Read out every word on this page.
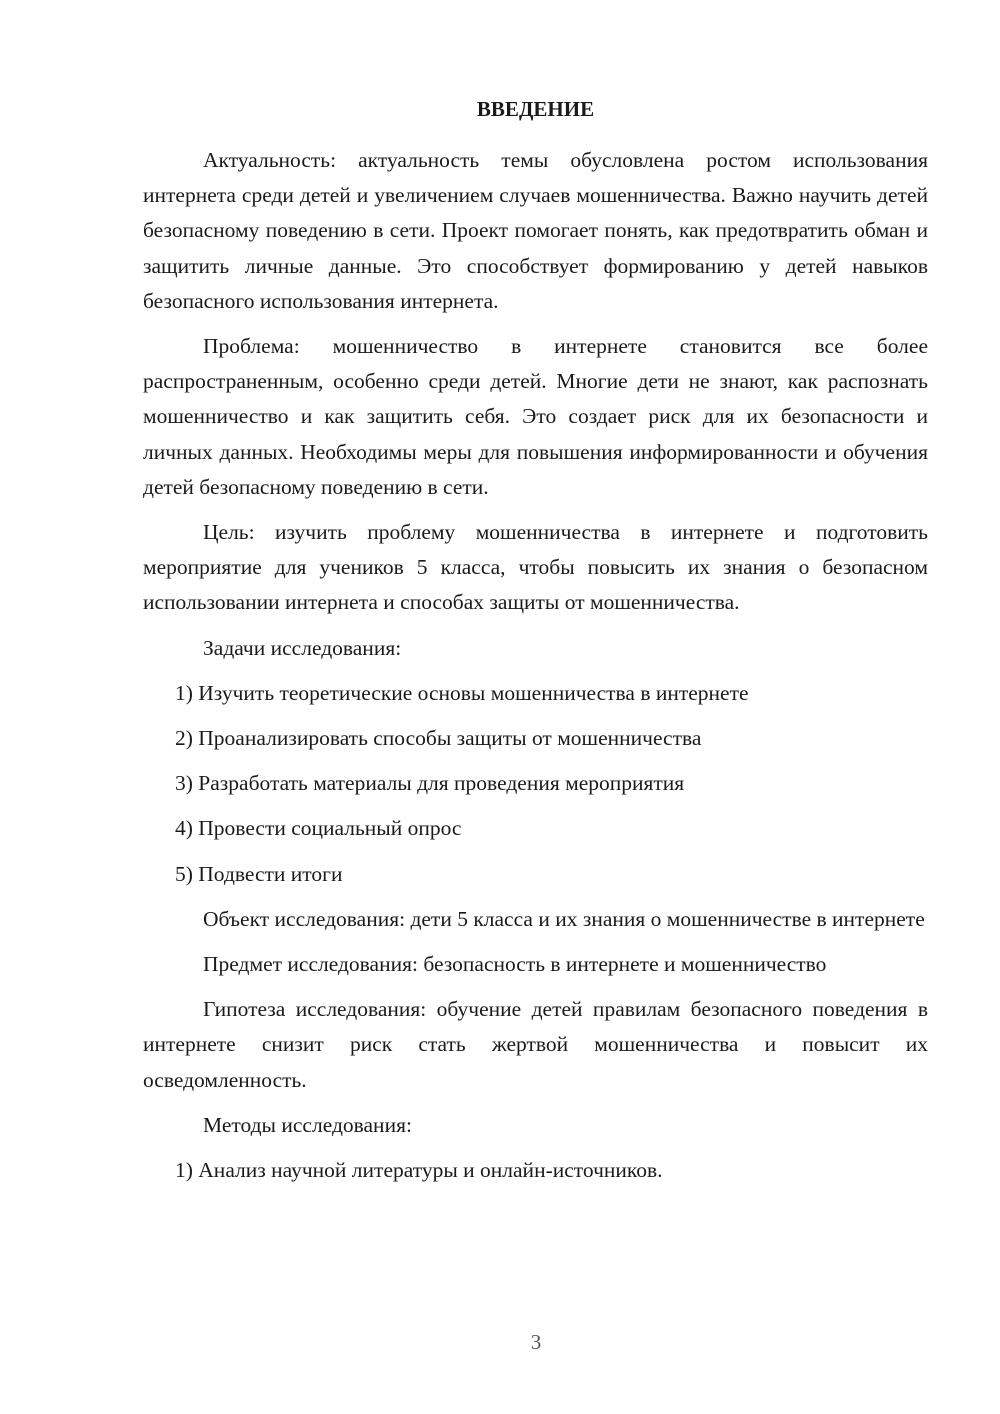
ВВЕДЕНИЕ

Актуальность: актуальность темы обусловлена ростом использования интернета среди детей и увеличением случаев мошенничества. Важно научить детей безопасному поведению в сети. Проект помогает понять, как предотвратить обман и защитить личные данные. Это способствует формированию у детей навыков безопасного использования интернета.

Проблема: мошенничество в интернете становится все более распространенным, особенно среди детей. Многие дети не знают, как распознать мошенничество и как защитить себя. Это создает риск для их безопасности и личных данных. Необходимы меры для повышения информированности и обучения детей безопасному поведению в сети.

Цель: изучить проблему мошенничества в интернете и подготовить мероприятие для учеников 5 класса, чтобы повысить их знания о безопасном использовании интернета и способах защиты от мошенничества.

Задачи исследования:

1) Изучить теоретические основы мошенничества в интернете

2) Проанализировать способы защиты от мошенничества

3) Разработать материалы для проведения мероприятия

4) Провести социальный опрос

5) Подвести итоги

Объект исследования: дети 5 класса и их знания о мошенничестве в интернете

Предмет исследования: безопасность в интернете и мошенничество

Гипотеза исследования: обучение детей правилам безопасного поведения в интернете снизит риск стать жертвой мошенничества и повысит их осведомленность.

Методы исследования:

1) Анализ научной литературы и онлайн-источников.

3
